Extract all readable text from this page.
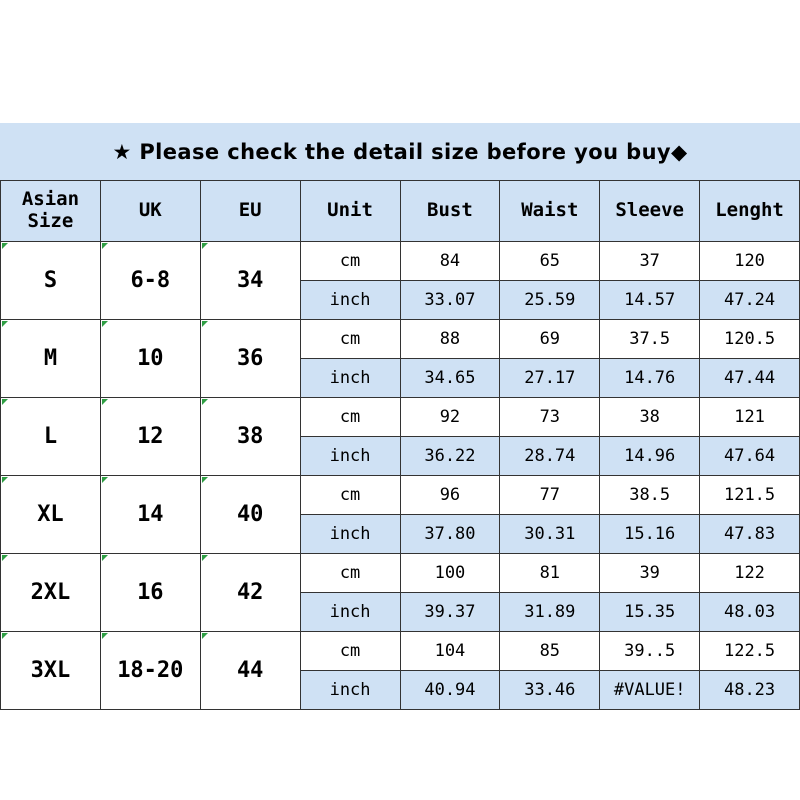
★ Please check the detail size before you buy◆							
Asian
Size	UK	EU	Unit	Bust	Waist	Sleeve	Lenght
S	6-8	34	cm	84	65	37	120
			inch	33.07	25.59	14.57	47.24
M	10	36	cm	88	69	37.5	120.5
			inch	34.65	27.17	14.76	47.44
L	12	38	cm	92	73	38	121
			inch	36.22	28.74	14.96	47.64
XL	14	40	cm	96	77	38.5	121.5
			inch	37.80	30.31	15.16	47.83
2XL	16	42	cm	100	81	39	122
			inch	39.37	31.89	15.35	48.03
3XL	18-20	44	cm	104	85	39..5	122.5
			inch	40.94	33.46	#VALUE!	48.23
